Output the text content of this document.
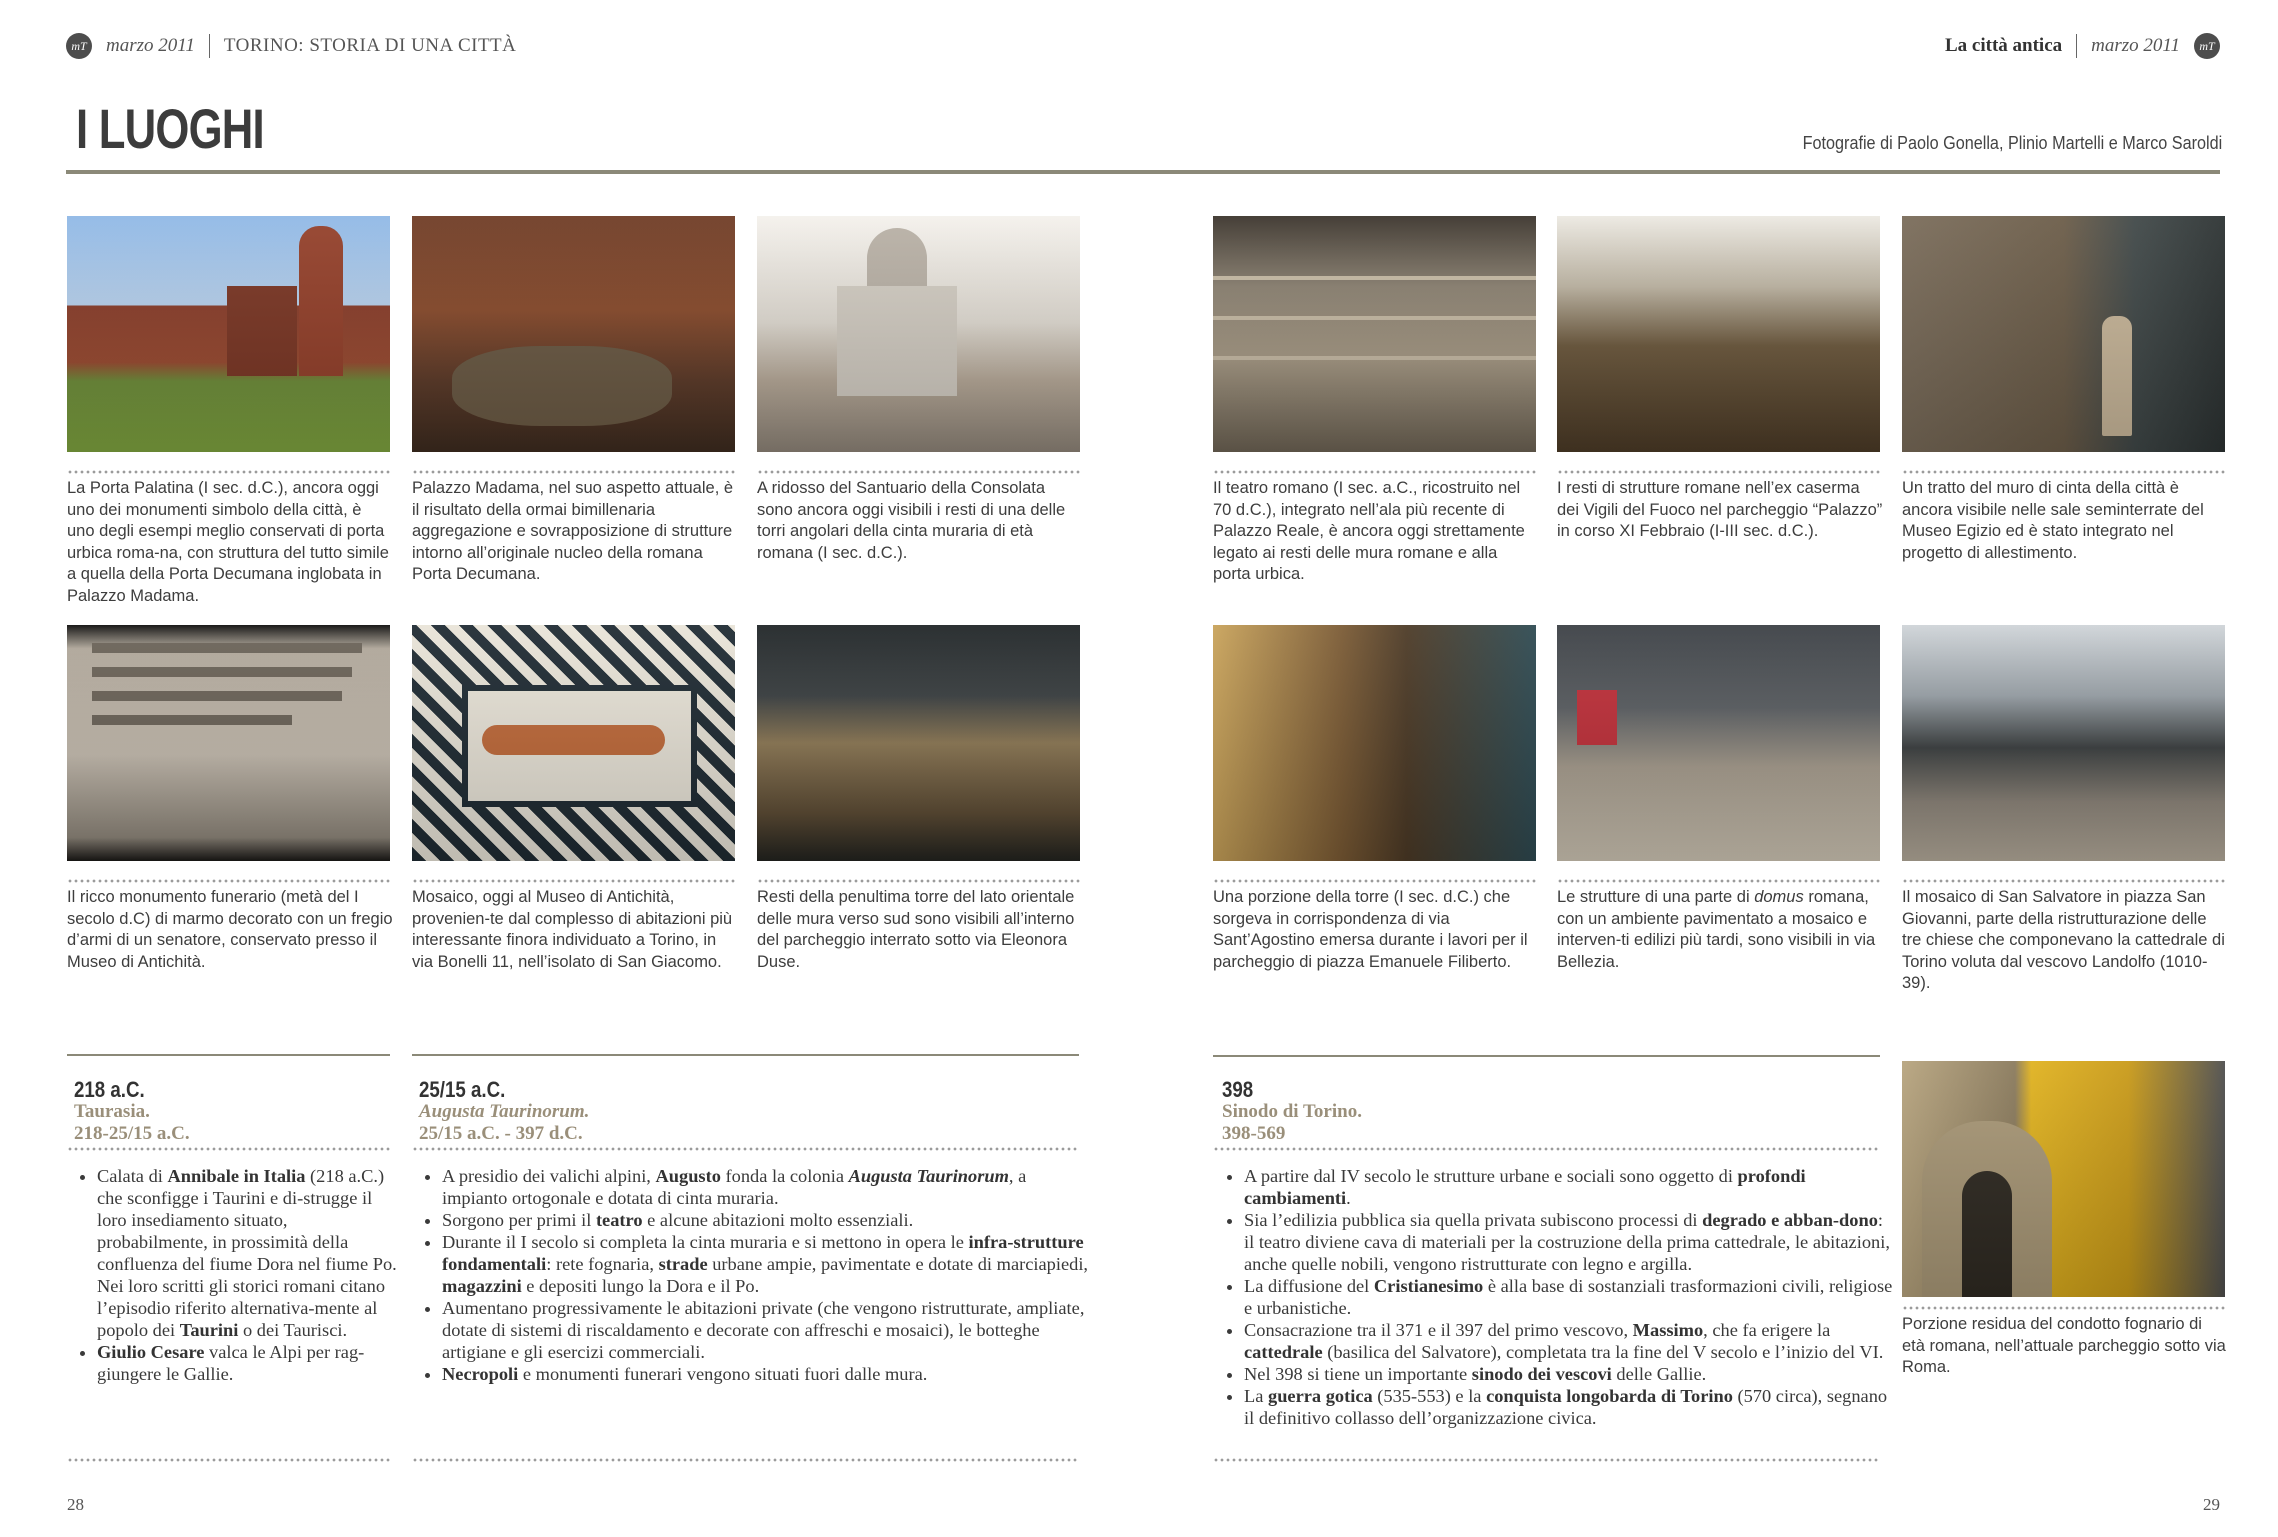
mT marzo 2011 TORINO: STORIA DI UNA CITTÀ	La città antica marzo 2011	mT
I LUOGHI	Fotografie di Paolo Gonella, Plinio Martelli e Marco Saroldi
La Porta Palatina (I sec. d.C.), ancora oggi uno dei monumenti simbolo della città, è uno degli esempi meglio conservati di porta urbica roma-na, con struttura del tutto simile a quella della Porta Decumana inglobata in Palazzo Madama.
Palazzo Madama, nel suo aspetto attuale, è il risultato della ormai bimillenaria aggregazione e sovrapposizione di strutture intorno all’originale nucleo della romana Porta Decumana.
A ridosso del Santuario della Consolata sono ancora oggi visibili i resti di una delle torri angolari della cinta muraria di età romana (I sec. d.C.).
Il teatro romano (I sec. a.C., ricostruito nel 70 d.C.), integrato nell’ala più recente di Palazzo Reale, è ancora oggi strettamente legato ai resti delle mura romane e alla porta urbica.
I resti di strutture romane nell’ex caserma dei Vigili del Fuoco nel parcheggio “Palazzo” in corso XI Febbraio (I-III sec. d.C.).
Un tratto del muro di cinta della città è ancora visibile nelle sale seminterrate del Museo Egizio ed è stato integrato nel progetto di allestimento.
Il ricco monumento funerario (metà del I secolo d.C) di marmo decorato con un fregio d’armi di un senatore, conservato presso il Museo di Antichità.
Mosaico, oggi al Museo di Antichità, provenien-te dal complesso di abitazioni più interessante finora individuato a Torino, in via Bonelli 11, nell’isolato di San Giacomo.
Resti della penultima torre del lato orientale delle mura verso sud sono visibili all’interno del parcheggio interrato sotto via Eleonora Duse.
Una porzione della torre (I sec. d.C.) che sorgeva in corrispondenza di via Sant’Agostino emersa durante i lavori per il parcheggio di piazza Emanuele Filiberto.
Le strutture di una parte di domus romana, con un ambiente pavimentato a mosaico e interven-ti edilizi più tardi, sono visibili in via Bellezia.
Il mosaico di San Salvatore in piazza San Giovanni, parte della ristrutturazione delle tre chiese che componevano la cattedrale di Torino voluta dal vescovo Landolfo (1010-39).
218 a.C.
Taurasia.
218-25/15 a.C.
• Calata di Annibale in Italia (218 a.C.) che sconfigge i Taurini e di-strugge il loro insediamento situato, probabilmente, in prossimità della confluenza del fiume Dora nel fiume Po. Nei loro scritti gli storici romani citano l’episodio riferito alternativa-mente al popolo dei Taurini o dei Taurisci.
• Giulio Cesare valca le Alpi per rag-giungere le Gallie.
25/15 a.C.
Augusta Taurinorum.
25/15 a.C. - 397 d.C.
• A presidio dei valichi alpini, Augusto fonda la colonia Augusta Taurinorum, a impianto ortogonale e dotata di cinta muraria.
• Sorgono per primi il teatro e alcune abitazioni molto essenziali.
• Durante il I secolo si completa la cinta muraria e si mettono in opera le infra-strutture fondamentali: rete fognaria, strade urbane ampie, pavimentate e dotate di marciapiedi, magazzini e depositi lungo la Dora e il Po.
• Aumentano progressivamente le abitazioni private (che vengono ristrutturate, ampliate, dotate di sistemi di riscaldamento e decorate con affreschi e mosaici), le botteghe artigiane e gli esercizi commerciali.
• Necropoli e monumenti funerari vengono situati fuori dalle mura.
398
Sinodo di Torino.
398-569
• A partire dal IV secolo le strutture urbane e sociali sono oggetto di profondi cambiamenti.
• Sia l’edilizia pubblica sia quella privata subiscono processi di degrado e abban-dono: il teatro diviene cava di materiali per la costruzione della prima cattedrale, le abitazioni, anche quelle nobili, vengono ristrutturate con legno e argilla.
• La diffusione del Cristianesimo è alla base di sostanziali trasformazioni civili, religiose e urbanistiche.
• Consacrazione tra il 371 e il 397 del primo vescovo, Massimo, che fa erigere la cattedrale (basilica del Salvatore), completata tra la fine del V secolo e l’inizio del VI.
• Nel 398 si tiene un importante sinodo dei vescovi delle Gallie.
• La guerra gotica (535-553) e la conquista longobarda di Torino (570 circa), segnano il definitivo collasso dell’organizzazione civica.
Porzione residua del condotto fognario di età romana, nell’attuale parcheggio sotto via Roma.
28	29
